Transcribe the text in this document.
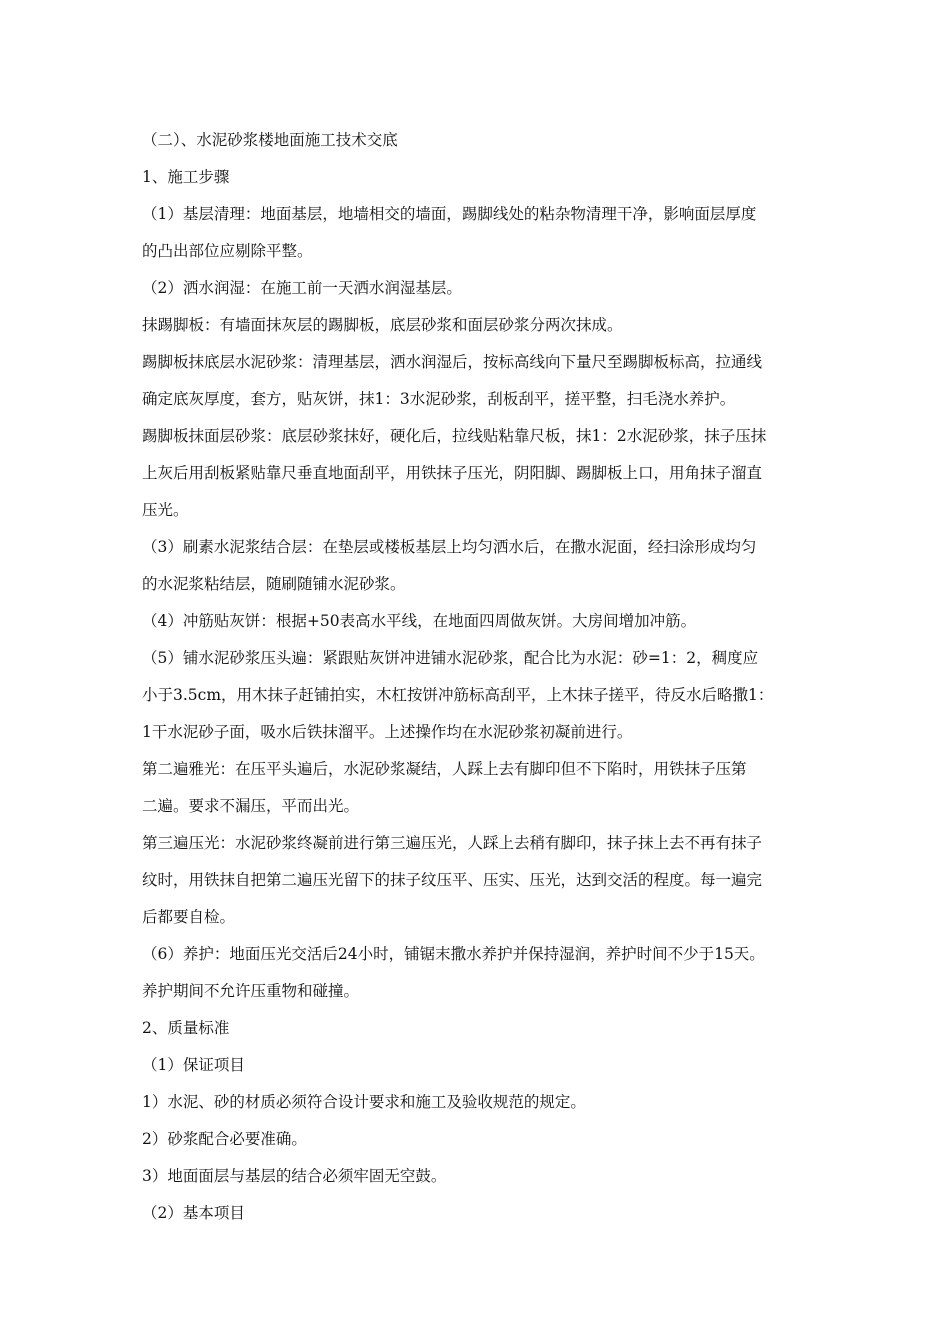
（二）、水泥砂浆楼地面施工技术交底
1、施工步骤
（1）基层清理：地面基层，地墙相交的墙面，踢脚线处的粘杂物清理干净，影响面层厚度
的凸出部位应剔除平整。
（2）洒水润湿：在施工前一天洒水润湿基层。
抹踢脚板：有墙面抹灰层的踢脚板，底层砂浆和面层砂浆分两次抹成。
踢脚板抹底层水泥砂浆：清理基层，洒水润湿后，按标高线向下量尺至踢脚板标高，拉通线
确定底灰厚度，套方，贴灰饼，抹1：3水泥砂浆，刮板刮平，搓平整，扫毛浇水养护。
踢脚板抹面层砂浆：底层砂浆抹好，硬化后，拉线贴粘靠尺板，抹1：2水泥砂浆，抹子压抹
上灰后用刮板紧贴靠尺垂直地面刮平，用铁抹子压光，阴阳脚、踢脚板上口，用角抹子溜直
压光。
（3）刷素水泥浆结合层：在垫层或楼板基层上均匀洒水后，在撒水泥面，经扫涂形成均匀
的水泥浆粘结层，随刷随铺水泥砂浆。
（4）冲筋贴灰饼：根据+50表高水平线，在地面四周做灰饼。大房间增加冲筋。
（5）铺水泥砂浆压头遍：紧跟贴灰饼冲进铺水泥砂浆，配合比为水泥：砂=1：2，稠度应
小于3.5cm，用木抹子赶铺拍实，木杠按饼冲筋标高刮平，上木抹子搓平，待反水后略撒1：
1干水泥砂子面，吸水后铁抹溜平。上述操作均在水泥砂浆初凝前进行。
第二遍雅光：在压平头遍后，水泥砂浆凝结，人踩上去有脚印但不下陷时，用铁抹子压第
二遍。要求不漏压，平而出光。
第三遍压光：水泥砂浆终凝前进行第三遍压光，人踩上去稍有脚印，抹子抹上去不再有抹子
纹时，用铁抹自把第二遍压光留下的抹子纹压平、压实、压光，达到交活的程度。每一遍完
后都要自检。
（6）养护：地面压光交活后24小时，铺锯末撒水养护并保持湿润，养护时间不少于15天。
养护期间不允许压重物和碰撞。
2、质量标准
（1）保证项目
1）水泥、砂的材质必须符合设计要求和施工及验收规范的规定。
2）砂浆配合必要准确。
3）地面面层与基层的结合必须牢固无空鼓。
（2）基本项目
